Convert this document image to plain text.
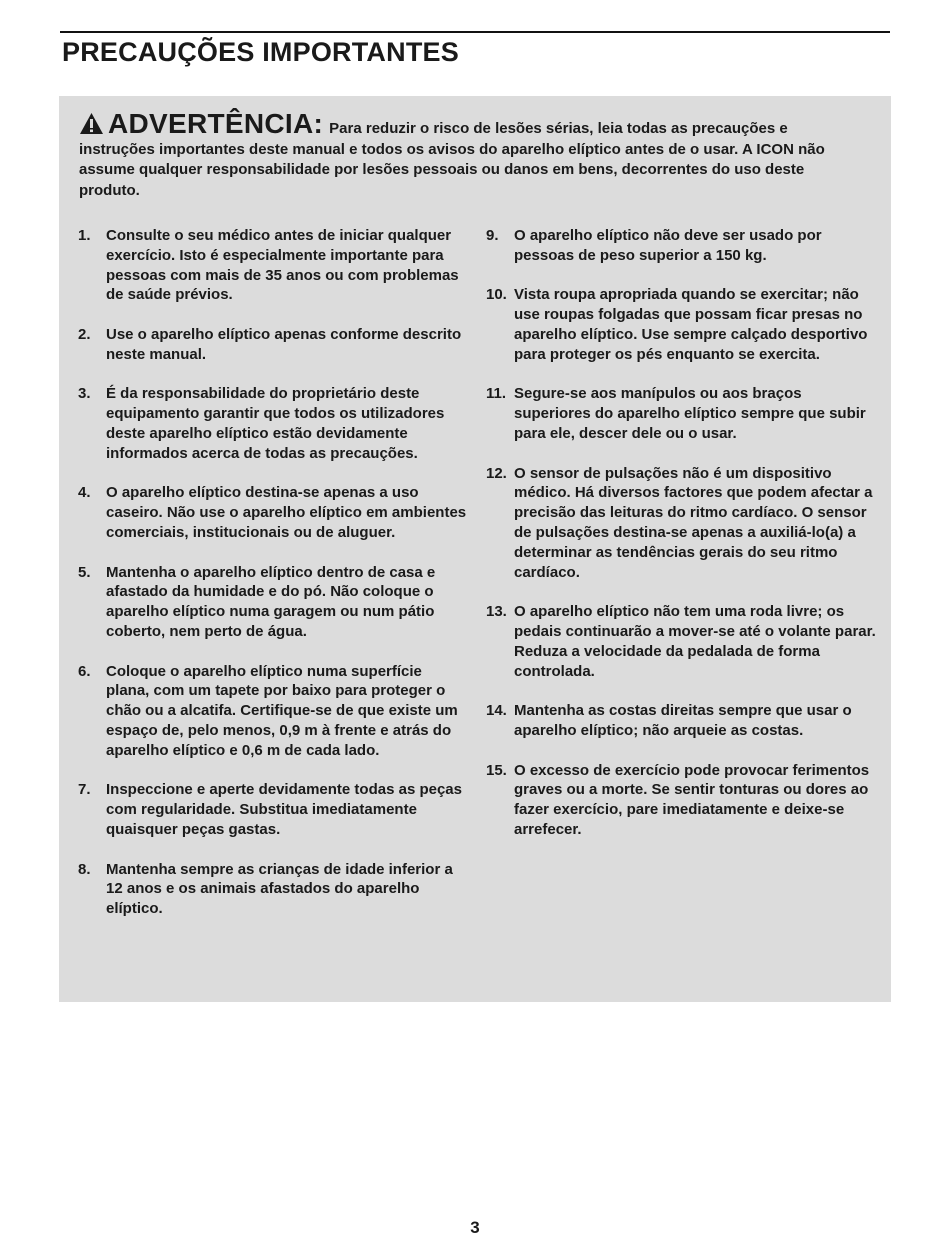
PRECAUÇÕES IMPORTANTES
ADVERTÊNCIA: Para reduzir o risco de lesões sérias, leia todas as precauções e instruções importantes deste manual e todos os avisos do aparelho elíptico antes de o usar. A ICON não assume qualquer responsabilidade por lesões pessoais ou danos em bens, decorrentes do uso deste produto.
1. Consulte o seu médico antes de iniciar qualquer exercício. Isto é especialmente importante para pessoas com mais de 35 anos ou com problemas de saúde prévios.
2. Use o aparelho elíptico apenas conforme descrito neste manual.
3. É da responsabilidade do proprietário deste equipamento garantir que todos os utilizadores deste aparelho elíptico estão devidamente informados acerca de todas as precauções.
4. O aparelho elíptico destina-se apenas a uso caseiro. Não use o aparelho elíptico em ambientes comerciais, institucionais ou de aluguer.
5. Mantenha o aparelho elíptico dentro de casa e afastado da humidade e do pó. Não coloque o aparelho elíptico numa garagem ou num pátio coberto, nem perto de água.
6. Coloque o aparelho elíptico numa superfície plana, com um tapete por baixo para proteger o chão ou a alcatifa. Certifique-se de que existe um espaço de, pelo menos, 0,9 m à frente e atrás do aparelho elíptico e 0,6 m de cada lado.
7. Inspeccione e aperte devidamente todas as peças com regularidade. Substitua imediatamente quaisquer peças gastas.
8. Mantenha sempre as crianças de idade inferior a 12 anos e os animais afastados do aparelho elíptico.
9. O aparelho elíptico não deve ser usado por pessoas de peso superior a 150 kg.
10. Vista roupa apropriada quando se exercitar; não use roupas folgadas que possam ficar presas no aparelho elíptico. Use sempre calçado desportivo para proteger os pés enquanto se exercita.
11. Segure-se aos manípulos ou aos braços superiores do aparelho elíptico sempre que subir para ele, descer dele ou o usar.
12. O sensor de pulsações não é um dispositivo médico. Há diversos factores que podem afectar a precisão das leituras do ritmo cardíaco. O sensor de pulsações destina-se apenas a auxiliá-lo(a) a determinar as tendências gerais do seu ritmo cardíaco.
13. O aparelho elíptico não tem uma roda livre; os pedais continuarão a mover-se até o volante parar. Reduza a velocidade da pedalada de forma controlada.
14. Mantenha as costas direitas sempre que usar o aparelho elíptico; não arqueie as costas.
15. O excesso de exercício pode provocar ferimentos graves ou a morte. Se sentir tonturas ou dores ao fazer exercício, pare imediatamente e deixe-se arrefecer.
3
